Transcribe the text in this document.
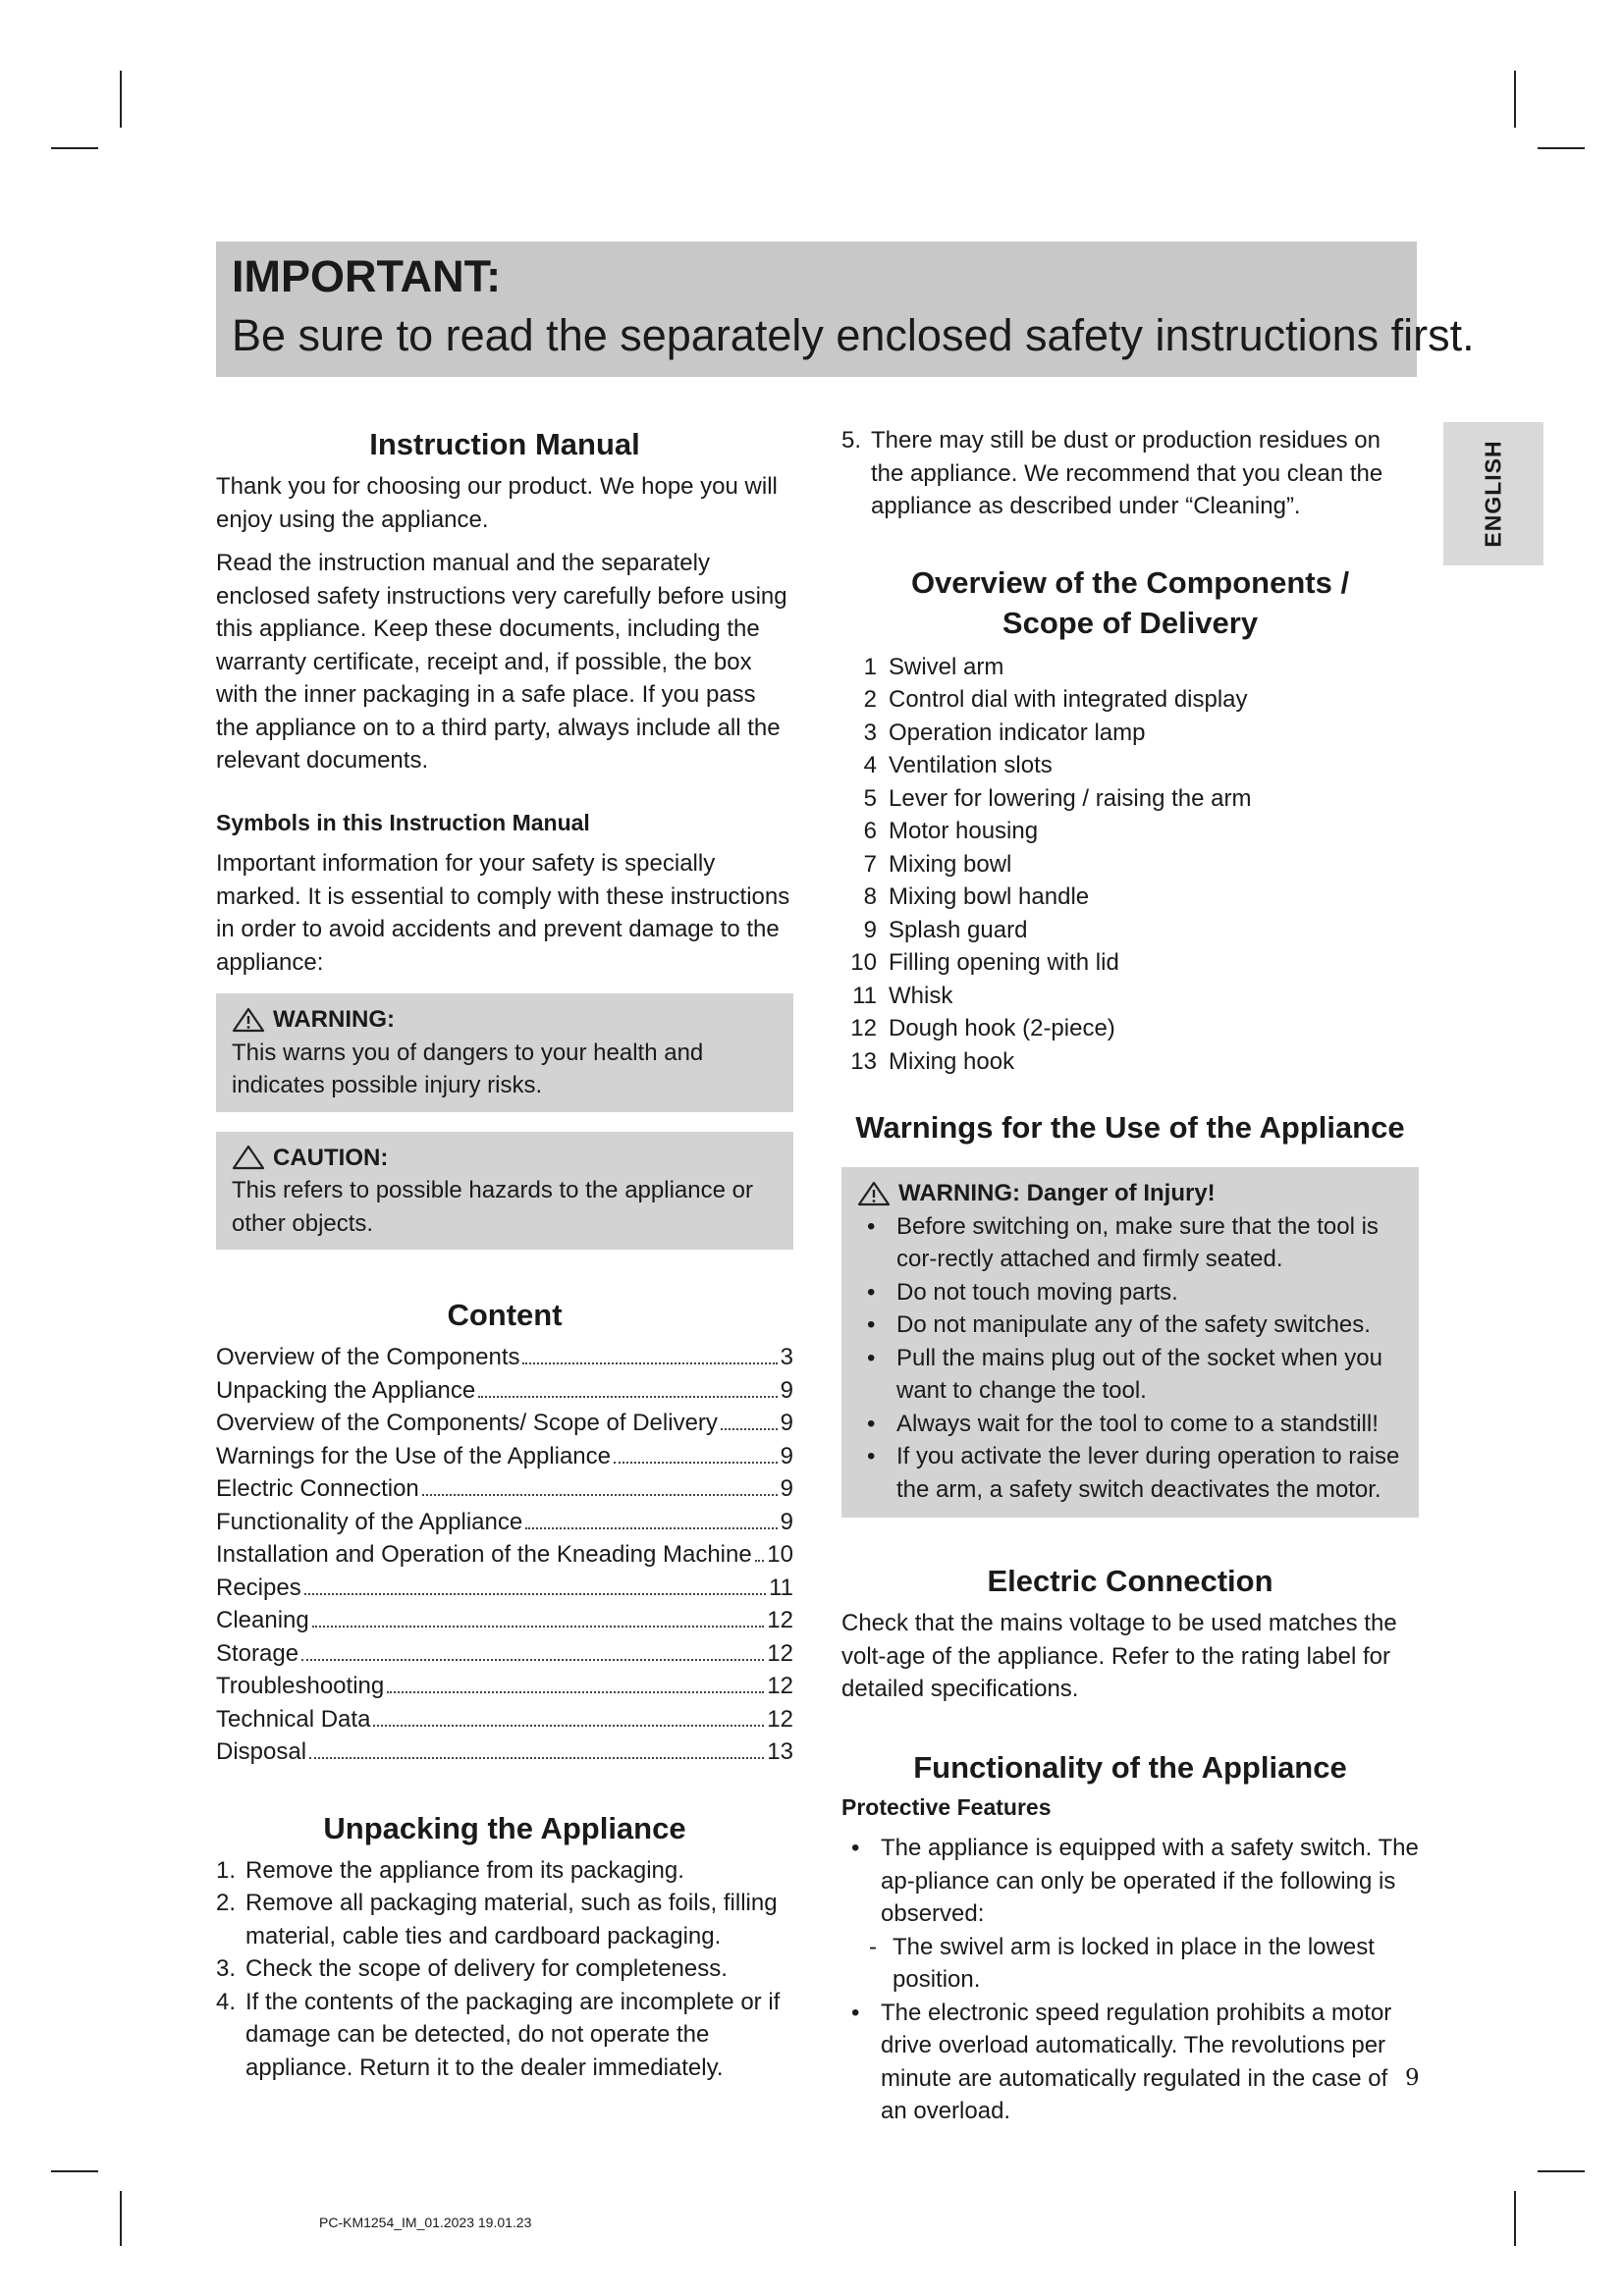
IMPORTANT:
Be sure to read the separately enclosed safety instructions first.
ENGLISH
Instruction Manual

Thank you for choosing our product. We hope you will enjoy using the appliance.

Read the instruction manual and the separately enclosed safety instructions very carefully before using this appliance. Keep these documents, including the warranty certificate, receipt and, if possible, the box with the inner packaging in a safe place. If you pass the appliance on to a third party, always include all the relevant documents.

Symbols in this Instruction Manual

Important information for your safety is specially marked. It is essential to comply with these instructions in order to avoid accidents and prevent damage to the appliance:

WARNING:

This warns you of dangers to your health and indicates possible injury risks.

CAUTION:

This refers to possible hazards to the appliance or other objects.

Content
Overview of the Components	3
Unpacking the Appliance	9
Overview of the Components/ Scope of Delivery	9
Warnings for the Use of the Appliance	9
Electric Connection	9
Functionality of the Appliance	9
Installation and Operation of the Kneading Machine 10
Recipes	11
Cleaning	12
Storage	12
Troubleshooting	12
Technical Data	12
Disposal	13
Unpacking the Appliance
1. Remove the appliance from its packaging.
2. Remove all packaging material, such as foils, filling material, cable ties and cardboard packaging.
3. Check the scope of delivery for completeness.
4. If the contents of the packaging are incomplete or if damage can be detected, do not operate the appliance. Return it to the dealer immediately.
5. There may still be dust or production residues on the appliance. We recommend that you clean the appliance as described under “Cleaning”.
Overview of the Components /
Scope of Delivery
1 Swivel arm
2 Control dial with integrated display
3 Operation indicator lamp
4 Ventilation slots
5 Lever for lowering / raising the arm
6 Motor housing
7 Mixing bowl
8 Mixing bowl handle
9 Splash guard
10 Filling opening with lid
11 Whisk
12 Dough hook (2-piece)
13 Mixing hook
Warnings for the Use of the Appliance
WARNING: Danger of Injury!
• Before switching on, make sure that the tool is cor-rectly attached and firmly seated.
• Do not touch moving parts.
• Do not manipulate any of the safety switches.
• Pull the mains plug out of the socket when you want to change the tool.
• Always wait for the tool to come to a standstill!
• If you activate the lever during operation to raise the arm, a safety switch deactivates the motor.
Electric Connection

Check that the mains voltage to be used matches the volt-age of the appliance. Refer to the rating label for detailed specifications.

Functionality of the Appliance
Protective Features
• The appliance is equipped with a safety switch. The ap-pliance can only be operated if the following is observed:
- The swivel arm is locked in place in the lowest position.
• The electronic speed regulation prohibits a motor drive overload automatically. The revolutions per minute are automatically regulated in the case of an overload.
9
PC-KM1254_IM_01.2023 19.01.23
